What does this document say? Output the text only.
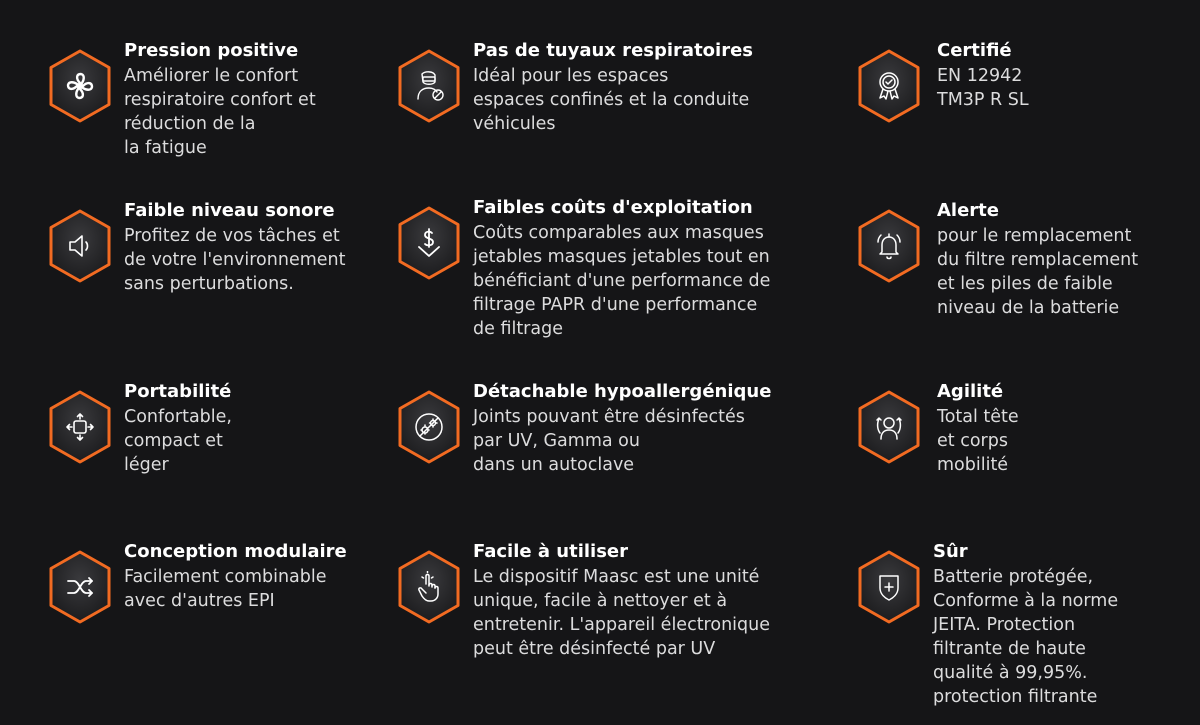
Pression positive
Améliorer le confort
respiratoire confort et
réduction de la
la fatigue
Faible niveau sonore
Profitez de vos tâches et
de votre l'environnement
sans perturbations.
Portabilité
Confortable,
compact et
léger
Conception modulaire
Facilement combinable
avec d'autres EPI
Pas de tuyaux respiratoires
Idéal pour les espaces
espaces confinés et la conduite
véhicules
Faibles coûts d'exploitation
Coûts comparables aux masques
jetables masques jetables tout en
bénéficiant d'une performance de
filtrage PAPR d'une performance
de filtrage
Détachable hypoallergénique
Joints pouvant être désinfectés
par UV, Gamma ou
dans un autoclave
Facile à utiliser
Le dispositif Maasc est une unité
unique, facile à nettoyer et à
entretenir. L'appareil électronique
peut être désinfecté par UV
Certifié
EN 12942
TM3P R SL
Alerte
pour le remplacement
du filtre remplacement
et les piles de faible
niveau de la batterie
Agilité
Total tête
et corps
mobilité
Sûr
Batterie protégée,
Conforme à la norme
JEITA. Protection
filtrante de haute
qualité à 99,95%.
protection filtrante
